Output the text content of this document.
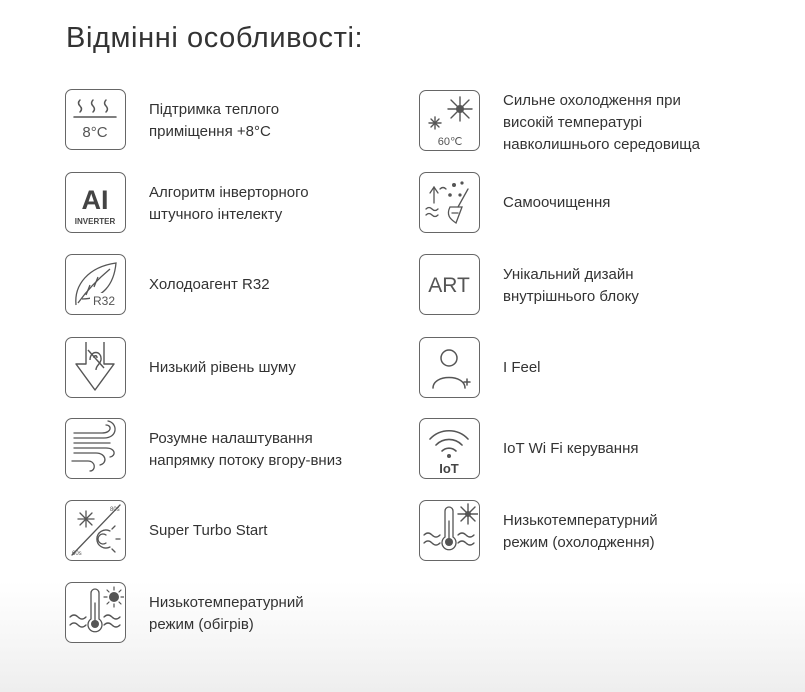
Відмінні особливості:
8°C
Підтримка теплого
приміщення +8°С
AI
INVERTER
Алгоритм інверторного
штучного інтелекту
R32
Холодоагент R32
Низький рівень шуму
Розумне налаштування
напрямку потоку вгору-вниз
80s
60s
Super Turbo Start
Низькотемпературний
режим (обігрів)
60℃
Сильне охолодження при
високій температурі
навколишнього середовища
Самоочищення
ART Унікальний дизайн
внутрішнього блоку
I Feel
IoT
IoT Wi Fi керування
Низькотемпературний
режим (охолодження)
